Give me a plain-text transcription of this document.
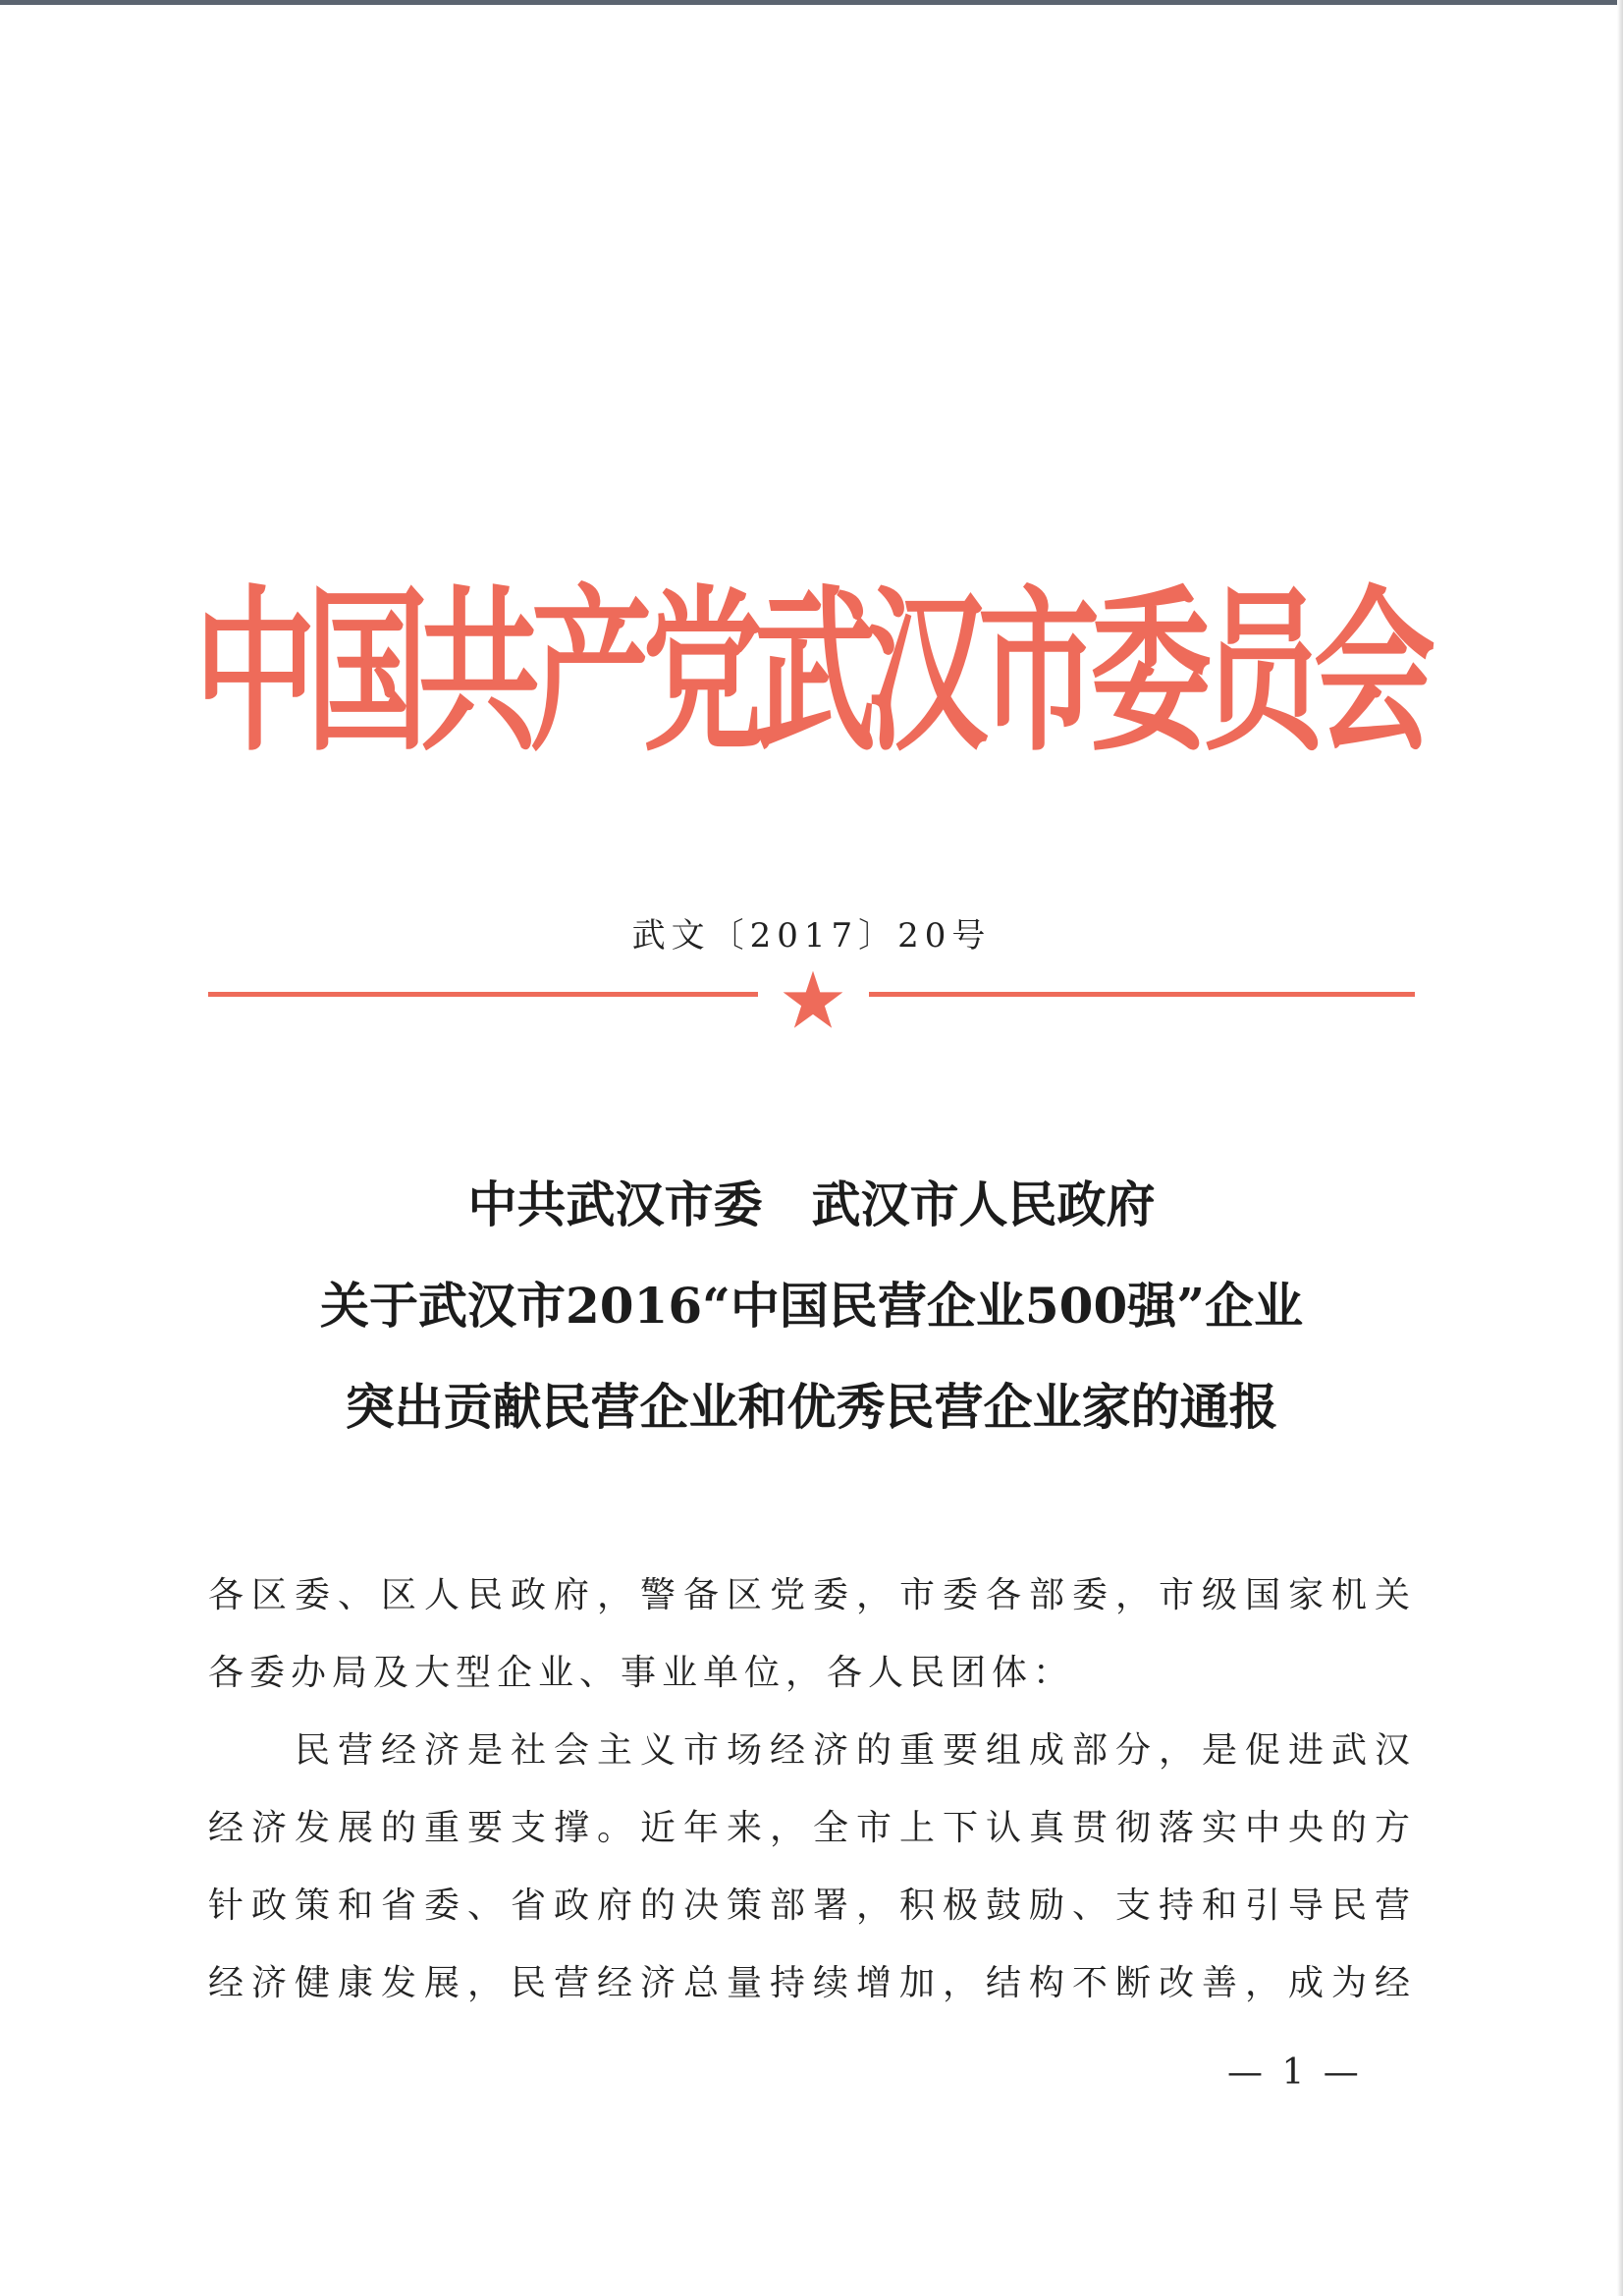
中国共产党武汉市委员会
武文〔2017〕20号
中共武汉市委　武汉市人民政府
关于武汉市2016“中国民营企业500强”企业
突出贡献民营企业和优秀民营企业家的通报
各区委、区人民政府，警备区党委，市委各部委，市级国家机关
各委办局及大型企业、事业单位，各人民团体：
　　民营经济是社会主义市场经济的重要组成部分，是促进武汉
经济发展的重要支撑。近年来，全市上下认真贯彻落实中央的方
针政策和省委、省政府的决策部署，积极鼓励、支持和引导民营
经济健康发展，民营经济总量持续增加，结构不断改善，成为经
— 1 —
